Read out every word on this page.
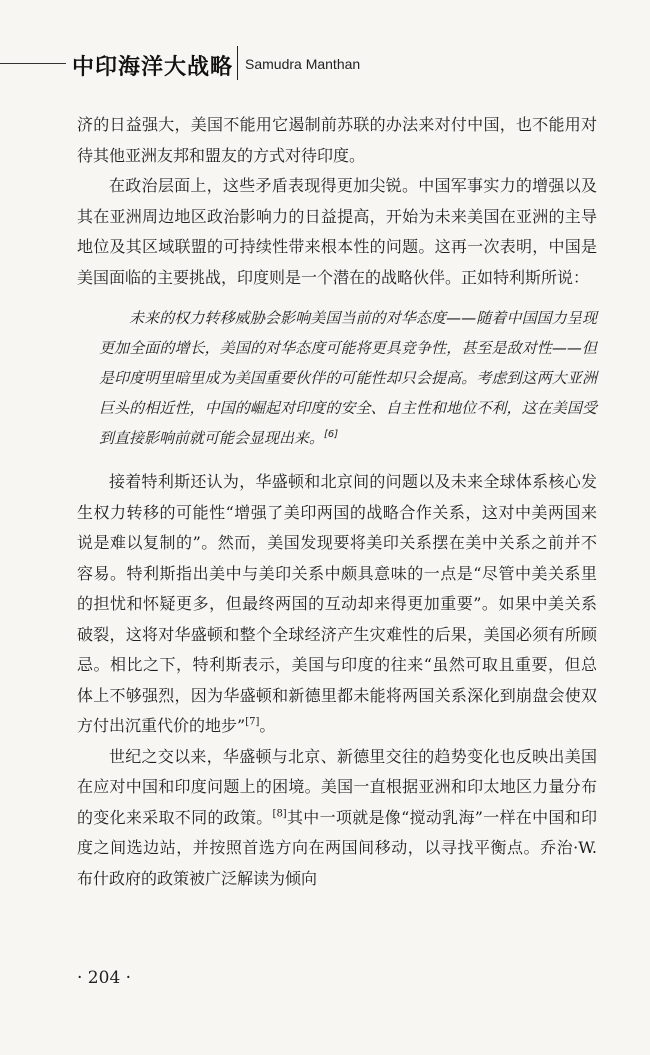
中印海洋大战略 Samudra Manthan

济的日益强大，美国不能用它遏制前苏联的办法来对付中国，也不能用对待其他亚洲友邦和盟友的方式对待印度。

在政治层面上，这些矛盾表现得更加尖锐。中国军事实力的增强以及其在亚洲周边地区政治影响力的日益提高，开始为未来美国在亚洲的主导地位及其区域联盟的可持续性带来根本性的问题。这再一次表明，中国是美国面临的主要挑战，印度则是一个潜在的战略伙伴。正如特利斯所说：

未来的权力转移威胁会影响美国当前的对华态度——随着中国国力呈现更加全面的增长，美国的对华态度可能将更具竞争性，甚至是敌对性——但是印度明里暗里成为美国重要伙伴的可能性却只会提高。考虑到这两大亚洲巨头的相近性，中国的崛起对印度的安全、自主性和地位不利，这在美国受到直接影响前就可能会显现出来。[6]

接着特利斯还认为，华盛顿和北京间的问题以及未来全球体系核心发生权力转移的可能性“增强了美印两国的战略合作关系，这对中美两国来说是难以复制的”。然而，美国发现要将美印关系摆在美中关系之前并不容易。特利斯指出美中与美印关系中颇具意味的一点是“尽管中美关系里的担忧和怀疑更多，但最终两国的互动却来得更加重要”。如果中美关系破裂，这将对华盛顿和整个全球经济产生灾难性的后果，美国必须有所顾忌。相比之下，特利斯表示，美国与印度的往来“虽然可取且重要，但总体上不够强烈，因为华盛顿和新德里都未能将两国关系深化到崩盘会使双方付出沉重代价的地步”[7]。

世纪之交以来，华盛顿与北京、新德里交往的趋势变化也反映出美国在应对中国和印度问题上的困境。美国一直根据亚洲和印太地区力量分布的变化来采取不同的政策。[8]其中一项就是像“搅动乳海”一样在中国和印度之间选边站，并按照首选方向在两国间移动，以寻找平衡点。乔治·W. 布什政府的政策被广泛解读为倾向

· 204 ·
